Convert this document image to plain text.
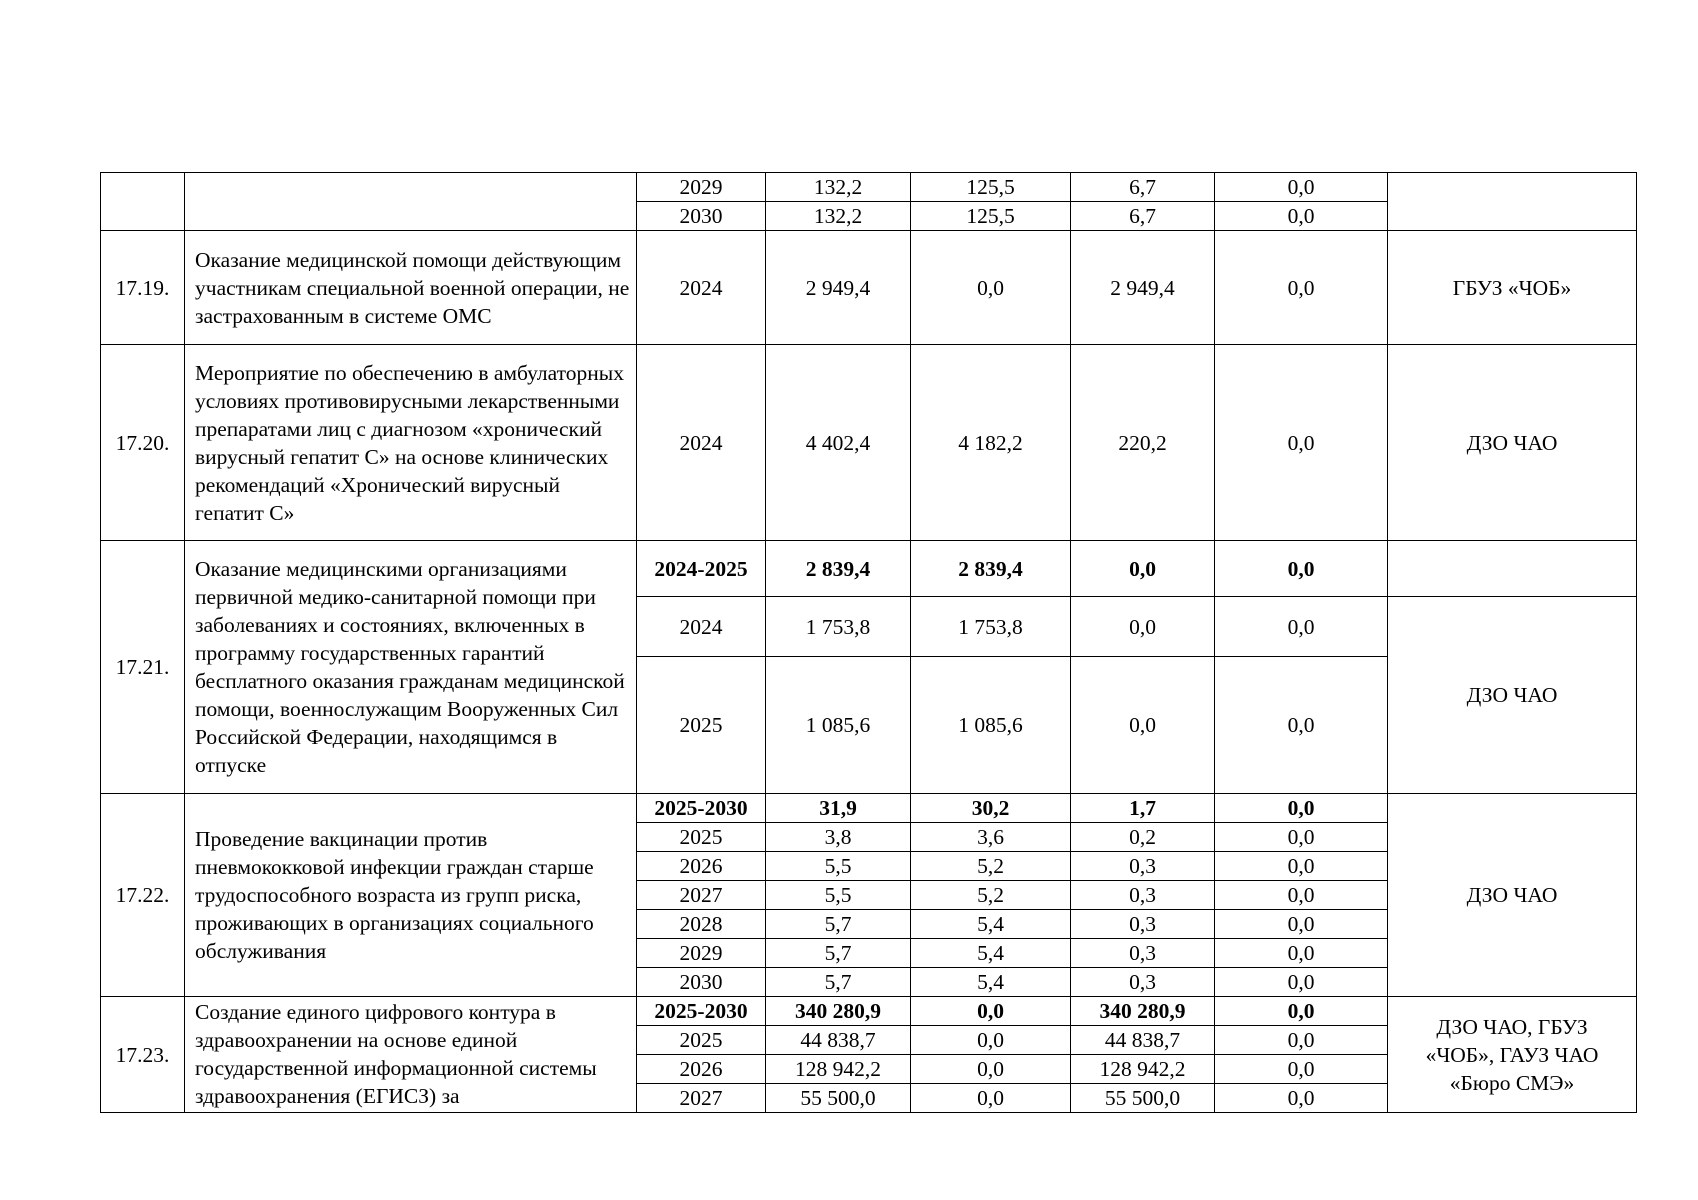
		2029	132,2	125,5	6,7	0,0	
		2030	132,2	125,5	6,7	0,0	
17.19.	Оказание медицинской помощи действующим участникам специальной военной операции, не застрахованным в системе ОМС	2024	2 949,4	0,0	2 949,4	0,0	ГБУЗ «ЧОБ»
17.20.	Мероприятие по обеспечению в амбулаторных условиях противовирусными лекарственными препаратами лиц с диагнозом «хронический вирусный гепатит С» на основе клинических рекомендаций «Хронический вирусный гепатит С»	2024	4 402,4	4 182,2	220,2	0,0	ДЗО ЧАО
17.21.	Оказание медицинскими организациями первичной медико-санитарной помощи при заболеваниях и состояниях, включенных в программу государственных гарантий бесплатного оказания гражданам медицинской помощи, военнослужащим Вооруженных Сил Российской Федерации, находящимся в отпуске	2024-2025	2 839,4	2 839,4	0,0	0,0	
		2024	1 753,8	1 753,8	0,0	0,0	ДЗО ЧАО
		2025	1 085,6	1 085,6	0,0	0,0	
17.22.	Проведение вакцинации против пневмококковой инфекции граждан старше трудоспособного возраста из групп риска, проживающих в организациях социального обслуживания	2025-2030	31,9	30,2	1,7	0,0	ДЗО ЧАО
		2025	3,8	3,6	0,2	0,0	
		2026	5,5	5,2	0,3	0,0	
		2027	5,5	5,2	0,3	0,0	
		2028	5,7	5,4	0,3	0,0	
		2029	5,7	5,4	0,3	0,0	
		2030	5,7	5,4	0,3	0,0	
17.23.	Создание единого цифрового контура в здравоохранении на основе единой государственной информационной системы здравоохранения (ЕГИСЗ) за	2025-2030	340 280,9	0,0	340 280,9	0,0	ДЗО ЧАО, ГБУЗ «ЧОБ», ГАУЗ ЧАО «Бюро СМЭ»
		2025	44 838,7	0,0	44 838,7	0,0	
		2026	128 942,2	0,0	128 942,2	0,0	
		2027	55 500,0	0,0	55 500,0	0,0	
